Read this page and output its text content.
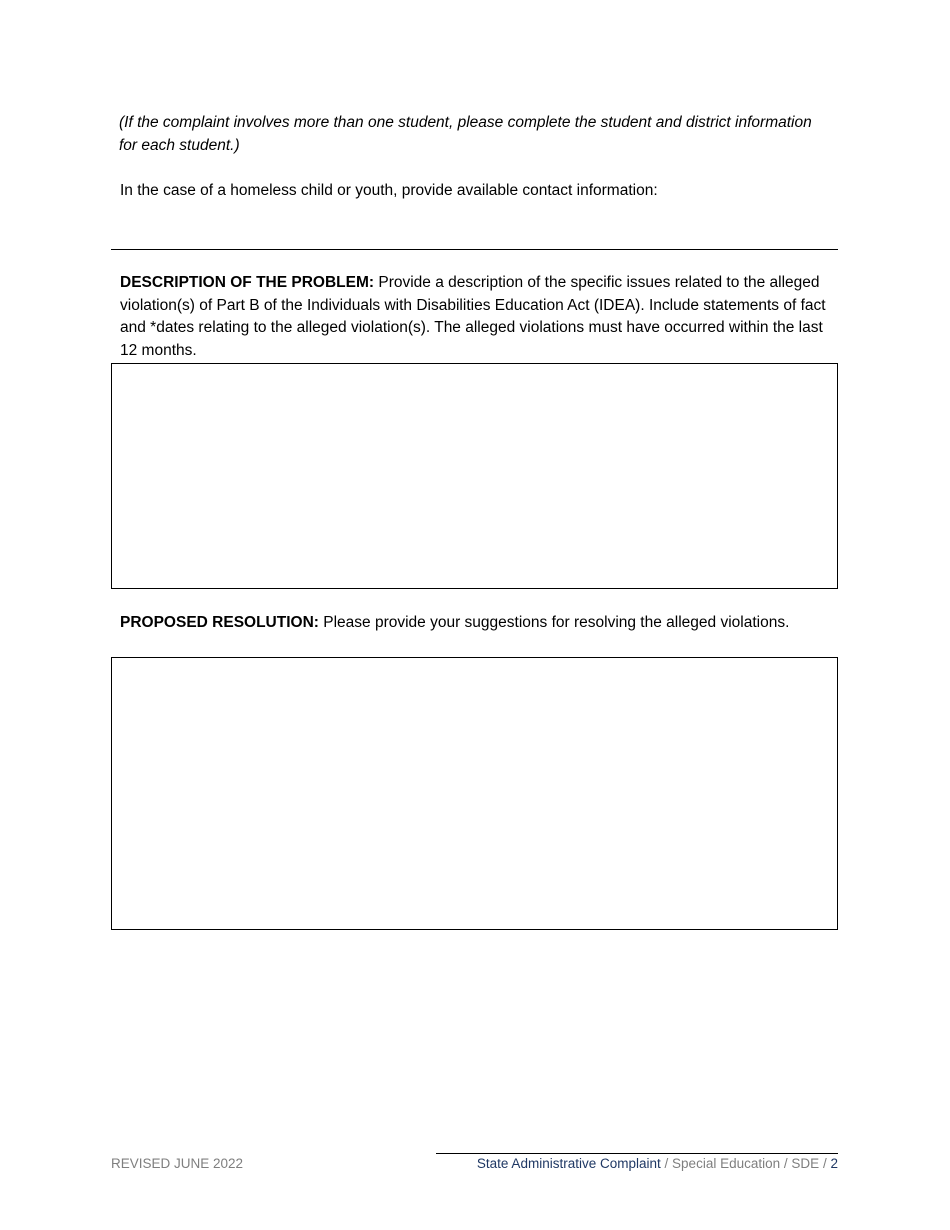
(If the complaint involves more than one student, please complete the student and district information for each student.)
In the case of a homeless child or youth, provide available contact information:
DESCRIPTION OF THE PROBLEM: Provide a description of the specific issues related to the alleged violation(s) of Part B of the Individuals with Disabilities Education Act (IDEA). Include statements of fact and *dates relating to the alleged violation(s). The alleged violations must have occurred within the last 12 months.
PROPOSED RESOLUTION: Please provide your suggestions for resolving the alleged violations.
REVISED JUNE 2022	State Administrative Complaint / Special Education / SDE / 2
